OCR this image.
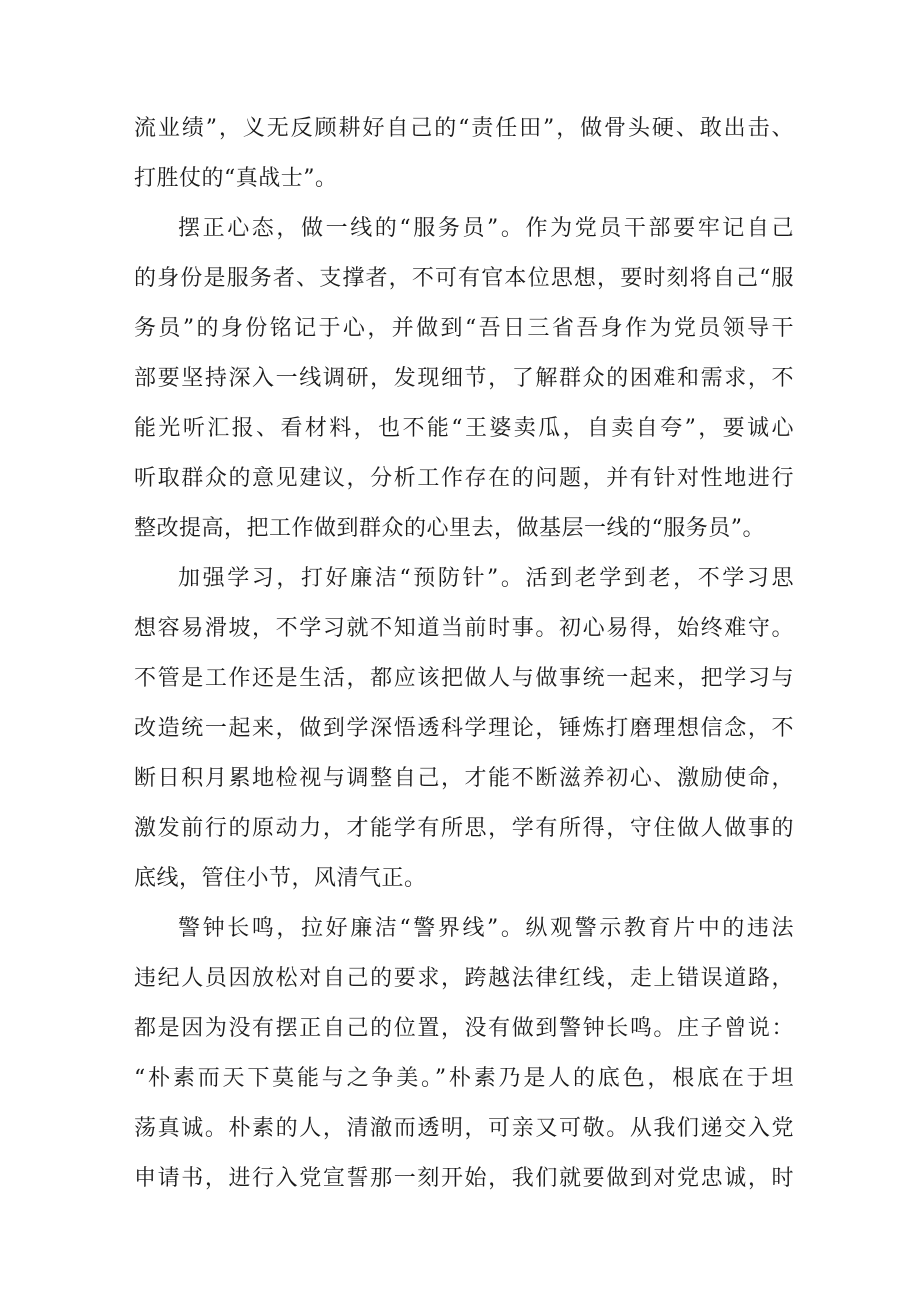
流业绩”，义无反顾耕好自己的“责任田”，做骨头硬、敢出击、
打胜仗的“真战士”。
摆正心态，做一线的“服务员”。作为党员干部要牢记自己
的身份是服务者、支撑者，不可有官本位思想，要时刻将自己“服
务员”的身份铭记于心，并做到“吾日三省吾身作为党员领导干
部要坚持深入一线调研，发现细节，了解群众的困难和需求，不
能光听汇报、看材料，也不能“王婆卖瓜，自卖自夸”，要诚心
听取群众的意见建议，分析工作存在的问题，并有针对性地进行
整改提高，把工作做到群众的心里去，做基层一线的“服务员”。
加强学习，打好廉洁“预防针”。活到老学到老，不学习思
想容易滑坡，不学习就不知道当前时事。初心易得，始终难守。
不管是工作还是生活，都应该把做人与做事统一起来，把学习与
改造统一起来，做到学深悟透科学理论，锤炼打磨理想信念，不
断日积月累地检视与调整自己，才能不断滋养初心、激励使命，
激发前行的原动力，才能学有所思，学有所得，守住做人做事的
底线，管住小节，风清气正。
警钟长鸣，拉好廉洁“警界线”。纵观警示教育片中的违法
违纪人员因放松对自己的要求，跨越法律红线，走上错误道路，
都是因为没有摆正自己的位置，没有做到警钟长鸣。庄子曾说：
“朴素而天下莫能与之争美。”朴素乃是人的底色，根底在于坦
荡真诚。朴素的人，清澈而透明，可亲又可敬。从我们递交入党
申请书，进行入党宣誓那一刻开始，我们就要做到对党忠诚，时
